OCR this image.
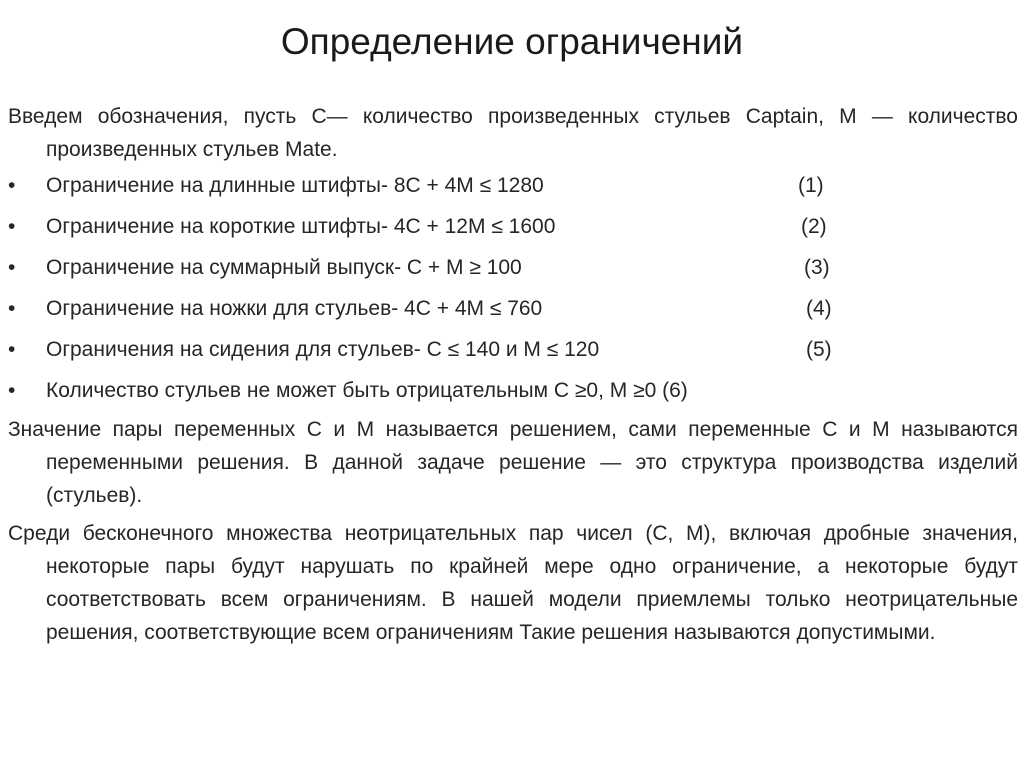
Определение ограничений

Введем обозначения, пусть С— количество произведенных стульев Captain, М — количество произведенных стульев Mate.

•	Ограничение на длинные штифты- 8С + 4М ≤ 1280	(1)
•	Ограничение на короткие штифты- 4С + 12М ≤ 1600	(2)
•	Ограничение на суммарный выпуск- С + М ≥ 100	(3)
•	Ограничение на ножки для стульев- 4С + 4М ≤ 760	(4)
•	Ограничения на сидения для стульев- С ≤ 140 и М ≤ 120	(5)
•	Количество стульев не может быть отрицательным С ≥0, М ≥0 (6)

Значение пары переменных С и М называется решением, сами переменные С и М называются переменными решения. В данной задаче решение — это структура производства изделий (стульев).

Среди бесконечного множества неотрицательных пар чисел (С, М), включая дробные значения, некоторые пары будут нарушать по крайней мере одно ограничение, а некоторые будут соответствовать всем ограничениям. В нашей модели приемлемы только неотрицательные решения, соответствующие всем ограничениям Такие решения называются допустимыми.
